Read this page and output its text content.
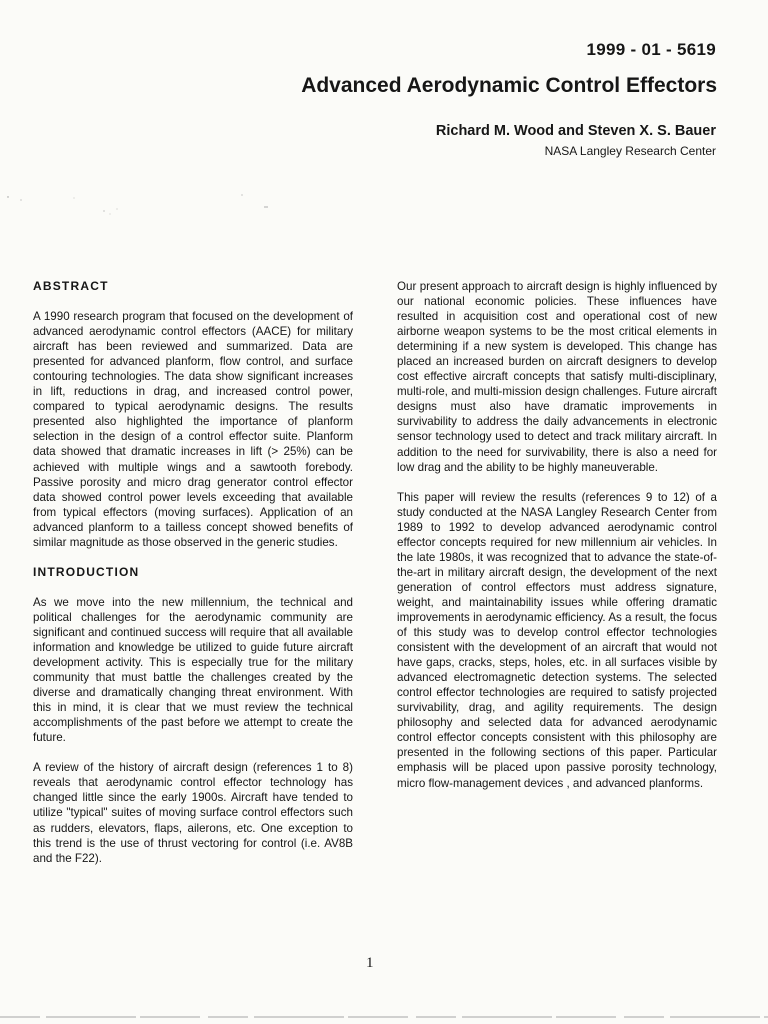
1999 - 01 - 5619
Advanced Aerodynamic Control Effectors
Richard M. Wood and Steven X. S. Bauer
NASA Langley Research Center
ABSTRACT

A 1990 research program that focused on the development of advanced aerodynamic control effectors (AACE) for military aircraft has been reviewed and summarized. Data are presented for advanced planform, flow control, and surface contouring technologies. The data show significant increases in lift, reductions in drag, and increased control power, compared to typical aerodynamic designs. The results presented also highlighted the importance of planform selection in the design of a control effector suite. Planform data showed that dramatic increases in lift (> 25%) can be achieved with multiple wings and a sawtooth forebody. Passive porosity and micro drag generator control effector data showed control power levels exceeding that available from typical effectors (moving surfaces). Application of an advanced planform to a tailless concept showed benefits of similar magnitude as those observed in the generic studies.

INTRODUCTION

As we move into the new millennium, the technical and political challenges for the aerodynamic community are significant and continued success will require that all available information and knowledge be utilized to guide future aircraft development activity. This is especially true for the military community that must battle the challenges created by the diverse and dramatically changing threat environment. With this in mind, it is clear that we must review the technical accomplishments of the past before we attempt to create the future.

A review of the history of aircraft design (references 1 to 8) reveals that aerodynamic control effector technology has changed little since the early 1900s. Aircraft have tended to utilize "typical" suites of moving surface control effectors such as rudders, elevators, flaps, ailerons, etc. One exception to this trend is the use of thrust vectoring for control (i.e. AV8B and the F22).

Our present approach to aircraft design is highly influenced by our national economic policies. These influences have resulted in acquisition cost and operational cost of new airborne weapon systems to be the most critical elements in determining if a new system is developed. This change has placed an increased burden on aircraft designers to develop cost effective aircraft concepts that satisfy multi-disciplinary, multi-role, and multi-mission design challenges. Future aircraft designs must also have dramatic improvements in survivability to address the daily advancements in electronic sensor technology used to detect and track military aircraft. In addition to the need for survivability, there is also a need for low drag and the ability to be highly maneuverable.

This paper will review the results (references 9 to 12) of a study conducted at the NASA Langley Research Center from 1989 to 1992 to develop advanced aerodynamic control effector concepts required for new millennium air vehicles. In the late 1980s, it was recognized that to advance the state-of-the-art in military aircraft design, the development of the next generation of control effectors must address signature, weight, and maintainability issues while offering dramatic improvements in aerodynamic efficiency. As a result, the focus of this study was to develop control effector technologies consistent with the development of an aircraft that would not have gaps, cracks, steps, holes, etc. in all surfaces visible by advanced electromagnetic detection systems. The selected control effector technologies are required to satisfy projected survivability, drag, and agility requirements. The design philosophy and selected data for advanced aerodynamic control effector concepts consistent with this philosophy are presented in the following sections of this paper. Particular emphasis will be placed upon passive porosity technology, micro flow-management devices , and advanced planforms.

1
